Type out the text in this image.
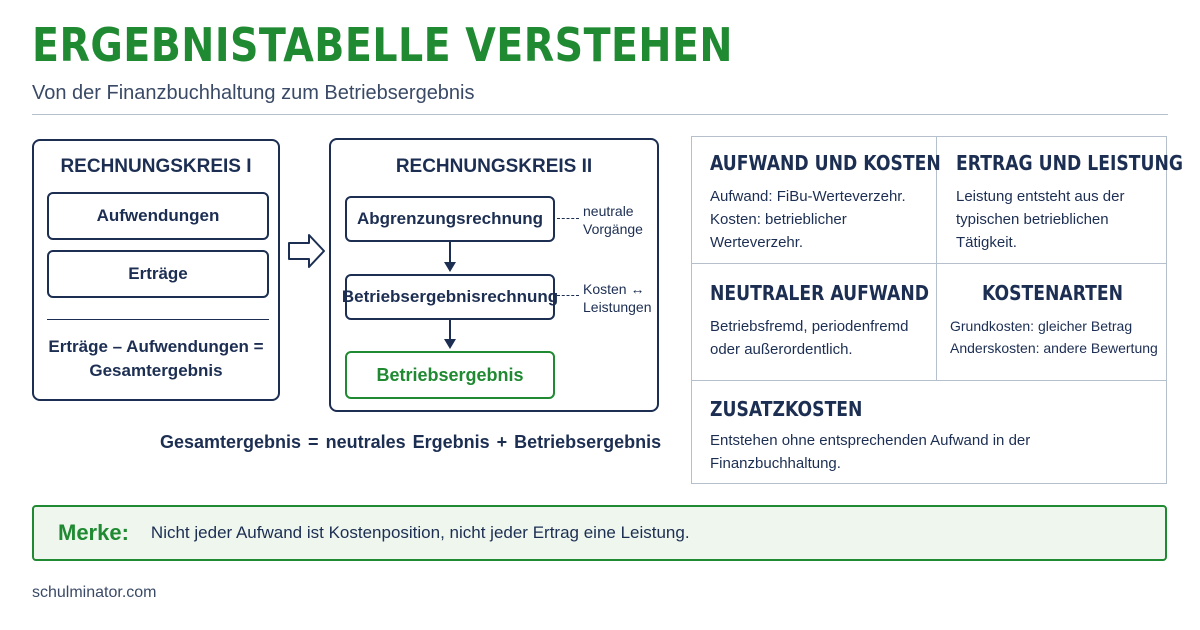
ERGEBNISTABELLE VERSTEHEN
Von der Finanzbuchhaltung zum Betriebsergebnis
RECHNUNGSKREIS I
Aufwendungen
Erträge
Erträge – Aufwendungen =
Gesamtergebnis
RECHNUNGSKREIS II
Abgrenzungsrechnung
Betriebsergebnisrechnung
Betriebsergebnis
neutrale
Vorgänge
Kosten ↔
Leistungen
Gesamtergebnis = neutrales Ergebnis + Betriebsergebnis
AUFWAND UND KOSTEN
Aufwand: FiBu-Werteverzehr. Kosten: betrieblicher Werteverzehr.
ERTRAG UND LEISTUNG
Leistung entsteht aus der typischen betrieblichen Tätigkeit.
NEUTRALER AUFWAND
Betriebsfremd, periodenfremd oder außerordentlich.
KOSTENARTEN
Grundkosten: gleicher Betrag
Anderskosten: andere Bewertung
ZUSATZKOSTEN
Entstehen ohne entsprechenden Aufwand in der Finanzbuchhaltung.
Merke: Nicht jeder Aufwand ist Kostenposition, nicht jeder Ertrag eine Leistung.
schulminator.com
